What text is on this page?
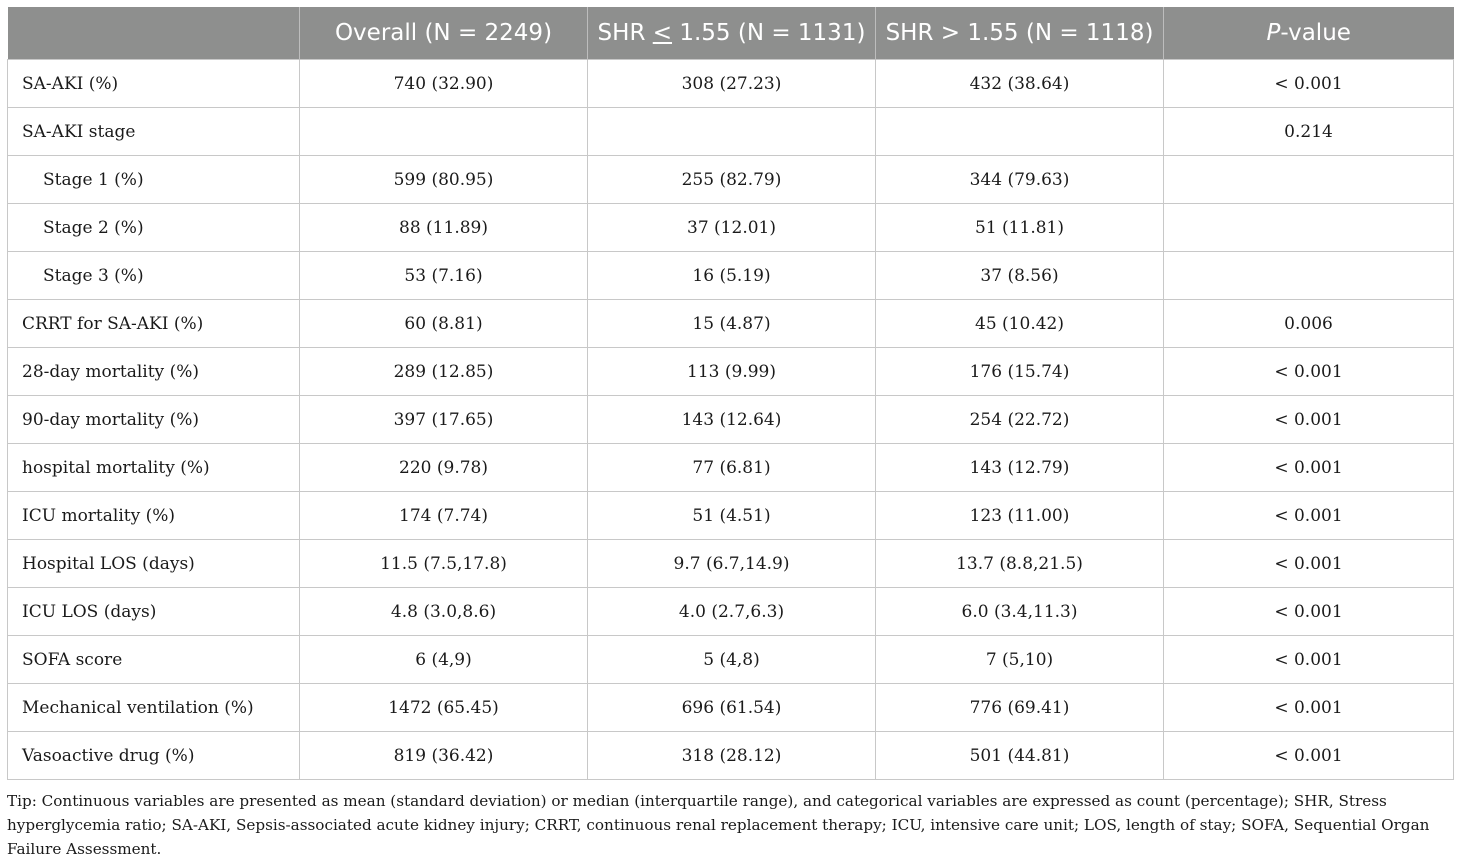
	Overall (N = 2249)	SHR < 1.55 (N = 1131)	SHR > 1.55 (N = 1118)	P-value
SA-AKI (%)	740 (32.90)	308 (27.23)	432 (38.64)	< 0.001
SA-AKI stage				0.214
Stage 1 (%)	599 (80.95)	255 (82.79)	344 (79.63)	
Stage 2 (%)	88 (11.89)	37 (12.01)	51 (11.81)	
Stage 3 (%)	53 (7.16)	16 (5.19)	37 (8.56)	
CRRT for SA-AKI (%)	60 (8.81)	15 (4.87)	45 (10.42)	0.006
28-day mortality (%)	289 (12.85)	113 (9.99)	176 (15.74)	< 0.001
90-day mortality (%)	397 (17.65)	143 (12.64)	254 (22.72)	< 0.001
hospital mortality (%)	220 (9.78)	77 (6.81)	143 (12.79)	< 0.001
ICU mortality (%)	174 (7.74)	51 (4.51)	123 (11.00)	< 0.001
Hospital LOS (days)	11.5 (7.5,17.8)	9.7 (6.7,14.9)	13.7 (8.8,21.5)	< 0.001
ICU LOS (days)	4.8 (3.0,8.6)	4.0 (2.7,6.3)	6.0 (3.4,11.3)	< 0.001
SOFA score	6 (4,9)	5 (4,8)	7 (5,10)	< 0.001
Mechanical ventilation (%)	1472 (65.45)	696 (61.54)	776 (69.41)	< 0.001
Vasoactive drug (%)	819 (36.42)	318 (28.12)	501 (44.81)	< 0.001
Tip: Continuous variables are presented as mean (standard deviation) or median (interquartile range), and categorical variables are expressed as count (percentage); SHR, Stress hyperglycemia ratio; SA-AKI, Sepsis-associated acute kidney injury; CRRT, continuous renal replacement therapy; ICU, intensive care unit; LOS, length of stay; SOFA, Sequential Organ Failure Assessment.
